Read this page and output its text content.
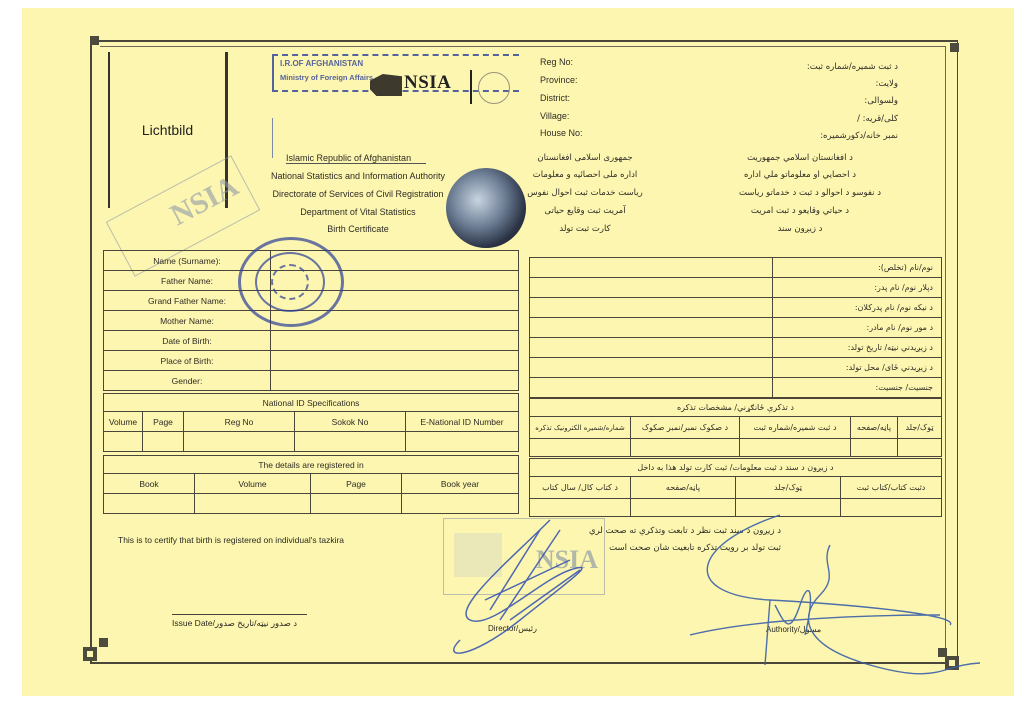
Lichtbild
I.R.OF AFGHANISTAN
Ministry of Foreign Affairs NSIA
Islamic Republic of Afghanistan
National Statistics and Information Authority
Directorate of Services of Civil Registration
Department of Vital Statistics
Birth Certificate
جمهوری اسلامی افغانستان
اداره ملی احصائیه و معلومات
ریاست خدمات ثبت احوال نفوس
آمریت ثبت وقایع حیاتی
کارت ثبت تولد
د افغانستان اسلامي جمهوریت
د احصایي او معلوماتو ملي اداره
د نفوسو د احوالو د ثبت د خدماتو ریاست
د حیاتي وقایعو د ثبت امریت
د زیږون سند
Reg No:
Province:
District:
Village:
House No:
د ثبت شمیره/شماره ثبت:
ولایت:
ولسوالی:
کلی/قریه: /
نمبر خانه/دکورشمیره:
NSIA
Name (Surname):	
Father Name:	
Grand Father Name:	
Mother Name:	
Date of Birth:	
Place of Birth:	
Gender:	
	نوم/نام (تخلص):
	دپلار نوم/ نام پدر:
	د نیکه نوم/ نام پدرکلان:
	د مور نوم/ نام مادر:
	د زیږیدني نیټه/ تاریخ تولد:
	د زیږیدني ځای/ محل تولد:
	جنسیت/ جنسیت:
National ID Specifications				
Volume	Page	Reg No	Sokok No	E-National ID Number

د تذکرې ځانګړني/ مشخصات تذکره				
شماره/شمیره الکترونیک تذکره	د صکوک نمبر/نمبر صکوک	د ثبت شمیره/شماره ثبت	پاڼه/صفحه	ټوک/جلد

The details are registered in			
Book	Volume	Page	Book year

د زیږون د سند د ثبت معلومات/ ثبت کارت تولد هذا به داخل			
د کتاب کال/ سال کتاب	پاڼه/صفحه	ټوک/جلد	دثبت کتاب/کتاب ثبت

This is to certify that birth is registered on individual's tazkira
د زیږون د سند ثبت نظر د تابعت وتذکرې ته صحت لري
ثبت تولد بر رویت تذکره تابعیت شان صحت است
Issue Date/د صدور نیټه/تاریخ صدور
NSIA
Director/رئیس	Authority/مسول
